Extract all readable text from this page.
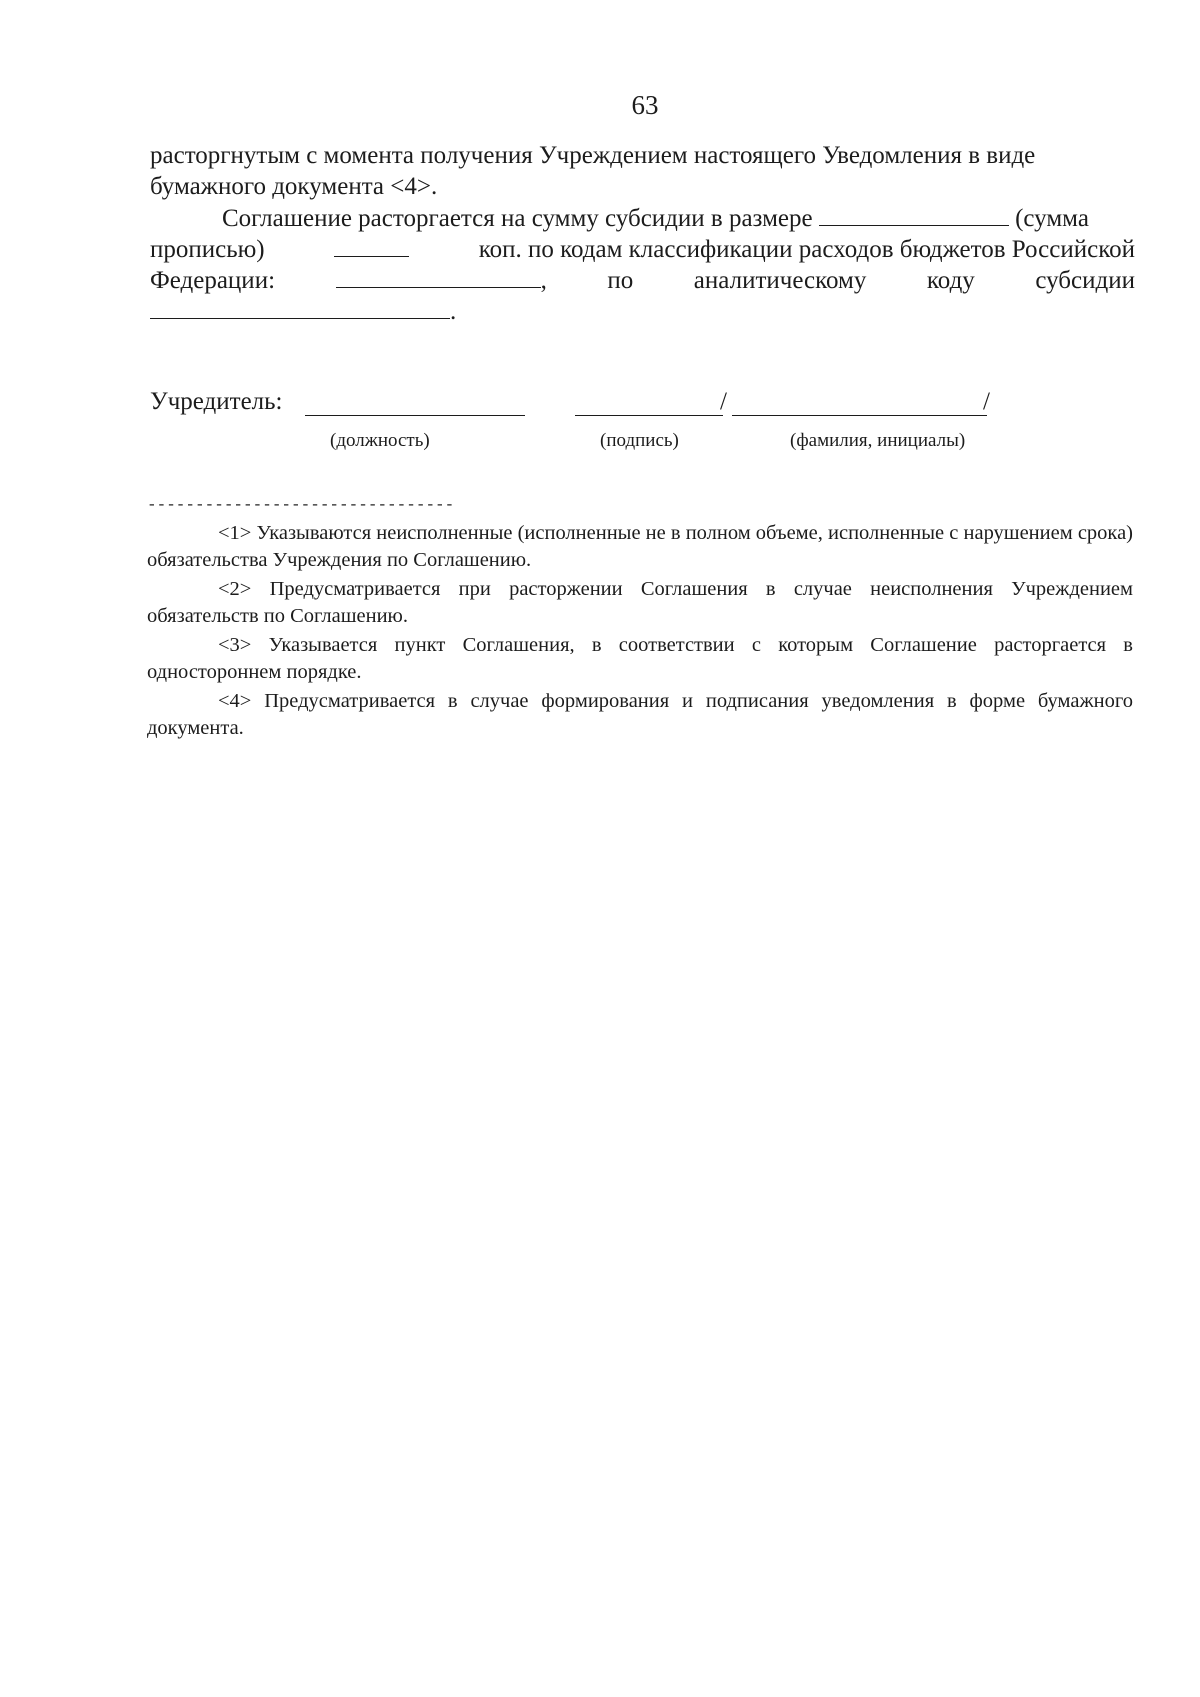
63
расторгнутым с момента получения Учреждением настоящего Уведомления в виде
бумажного документа <4>.
Соглашение расторгается на сумму субсидии в размере	(сумма
прописью)	коп. по кодам классификации расходов бюджетов Российской
Федерации:	, по аналитическому коду субсидии
.
Учредитель:	/	/
(должность)	(подпись)	(фамилия, инициалы)
--------------------------------

<1> Указываются неисполненные (исполненные не в полном объеме, исполненные с нарушением срока) обязательства Учреждения по Соглашению.

<2> Предусматривается при расторжении Соглашения в случае неисполнения Учреждением обязательств по Соглашению.

<3> Указывается пункт Соглашения, в соответствии с которым Соглашение расторгается в одностороннем порядке.

<4> Предусматривается в случае формирования и подписания уведомления в форме бумажного документа.
